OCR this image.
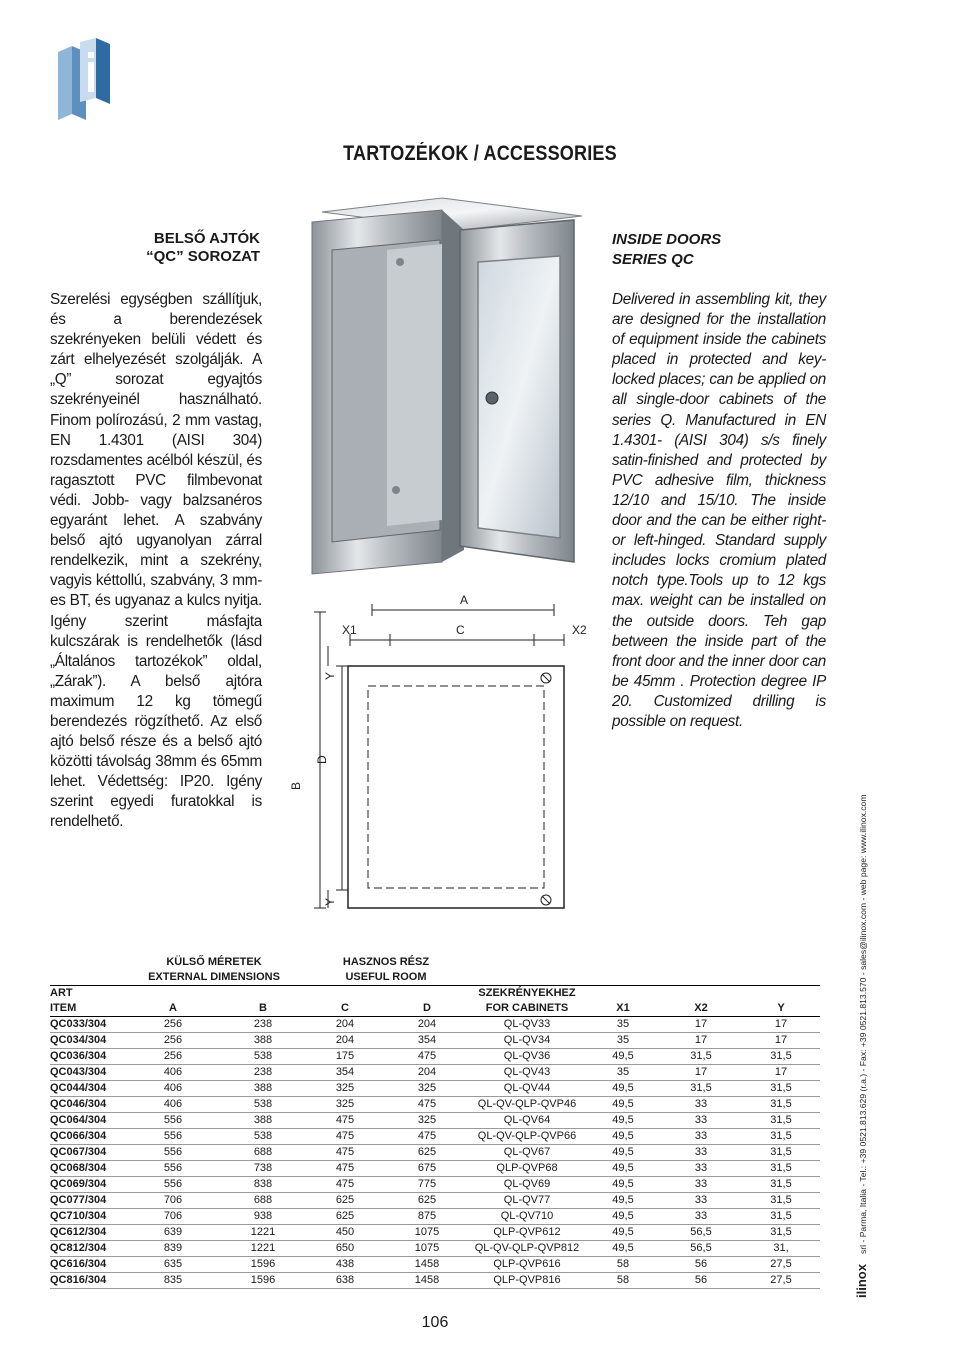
TARTOZÉKOK / ACCESSORIES
BELSŐ AJTÓK
“QC” SOROZAT
Szerelési egységben szállítjuk, és a berendezések szekrényeken belüli védett és zárt elhelyezését szolgálják. A „Q” sorozat egyajtós szekrényeinél használható. Finom polírozású, 2 mm vastag, EN 1.4301 (AISI 304) rozsdamentes acélból készül, és ragasztott PVC filmbevonat védi. Jobb- vagy balzsanéros egyaránt lehet. A szabvány belső ajtó ugyanolyan zárral rendelkezik, mint a szekrény, vagyis kéttollú, szabvány, 3 mm-es BT, és ugyanaz a kulcs nyitja. Igény szerint másfajta kulcszárak is rendelhetők (lásd „Általános tartozékok” oldal, „Zárak”). A belső ajtóra maximum 12 kg tömegű berendezés rögzíthető. Az első ajtó belső része és a belső ajtó közötti távolság 38mm és 65mm lehet. Védettség: IP20. Igény szerint egyedi furatokkal is rendelhető.
INSIDE DOORS
SERIES QC
Delivered in assembling kit, they are designed for the installation of equipment inside the cabinets placed in protected and key-locked places; can be applied on all single-door cabinets of the series Q. Manufactured in EN 1.4301- (AISI 304) s/s finely satin-finished and protected by PVC adhesive film, thickness 12/10 and 15/10. The inside door and the can be either right- or left-hinged. Standard supply includes locks cromium plated notch type.Tools up to 12 kgs max. weight can be installed on the outside doors. Teh gap between the inside part of the front door and the inner door can be 45mm . Protection degree IP 20. Customized drilling is possible on request.
A
C
X1	X2
B
D
Y
Y
	KÜLSŐ MÉRETEK		HASZNOS RÉSZ					
	EXTERNAL DIMENSIONS		USEFUL ROOM					
ART					SZEKRÉNYEKHEZ			
ITEM	A	B	C	D	FOR CABINETS	X1	X2	Y
QC033/304	256	238	204	204	QL-QV33	35	17	17
QC034/304	256	388	204	354	QL-QV34	35	17	17
QC036/304	256	538	175	475	QL-QV36	49,5	31,5	31,5
QC043/304	406	238	354	204	QL-QV43	35	17	17
QC044/304	406	388	325	325	QL-QV44	49,5	31,5	31,5
QC046/304	406	538	325	475	QL-QV-QLP-QVP46	49,5	33	31,5
QC064/304	556	388	475	325	QL-QV64	49,5	33	31,5
QC066/304	556	538	475	475	QL-QV-QLP-QVP66	49,5	33	31,5
QC067/304	556	688	475	625	QL-QV67	49,5	33	31,5
QC068/304	556	738	475	675	QLP-QVP68	49,5	33	31,5
QC069/304	556	838	475	775	QL-QV69	49,5	33	31,5
QC077/304	706	688	625	625	QL-QV77	49,5	33	31,5
QC710/304	706	938	625	875	QL-QV710	49,5	33	31,5
QC612/304	639	1221	450	1075	QLP-QVP612	49,5	56,5	31,5
QC812/304	839	1221	650	1075	QL-QV-QLP-QVP812	49,5	56,5	31,
QC616/304	635	1596	438	1458	QLP-QVP616	58	56	27,5
QC816/304	835	1596	638	1458	QLP-QVP816	58	56	27,5
106
ilinox
srl - Parma, Italia - Tel.: +39 0521.813.629 (r.a.) - Fax: +39 0521.813.570 - sales@ilinox.com - web page: www.ilinox.com
